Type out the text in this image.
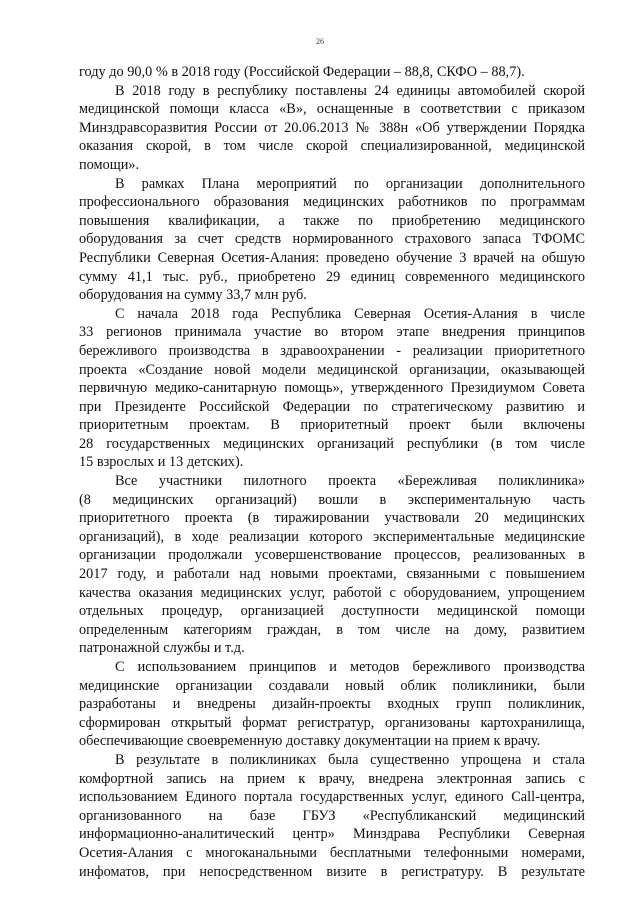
26
году до 90,0 % в 2018 году (Российской Федерации – 88,8, СКФО – 88,7).
В 2018 году в республику поставлены 24 единицы автомобилей скорой
медицинской помощи класса «В», оснащенные в соответствии с приказом
Минздравсоразвития России от 20.06.2013 № 388н «Об утверждении Порядка
оказания скорой, в том числе скорой специализированной, медицинской
помощи».
В рамках Плана мероприятий по организации дополнительного
профессионального образования медицинских работников по программам
повышения квалификации, а также по приобретению медицинского
оборудования за счет средств нормированного страхового запаса ТФОМС
Республики Северная Осетия-Алания: проведено обучение 3 врачей на обшую
сумму 41,1 тыс. руб., приобретено 29 единиц современного медицинского
оборудования на сумму 33,7 млн руб.
С начала 2018 года Республика Северная Осетия-Алания в числе
33 регионов принимала участие во втором этапе внедрения принципов
бережливого производства в здравоохранении - реализации приоритетного
проекта «Создание новой модели медицинской организации, оказывающей
первичную медико-санитарную помощь», утвержденного Президиумом Совета
при Президенте Российской Федерации по стратегическому развитию и
приоритетным проектам. В приоритетный проект были включены
28 государственных медицинских организаций республики (в том числе
15 взрослых и 13 детских).
Все участники пилотного проекта «Бережливая поликлиника»
(8 медицинских организаций) вошли в экспериментальную часть
приоритетного проекта (в тиражировании участвовали 20 медицинских
организаций), в ходе реализации которого экспериментальные медицинские
организации продолжали усовершенствование процессов, реализованных в
2017 году, и работали над новыми проектами, связанными с повышением
качества оказания медицинских услуг, работой с оборудованием, упрощением
отдельных процедур, организацией доступности медицинской помощи
определенным категориям граждан, в том числе на дому, развитием
патронажной службы и т.д.
С использованием принципов и методов бережливого производства
медицинские организации создавали новый облик поликлиники, были
разработаны и внедрены дизайн-проекты входных групп поликлиник,
сформирован открытый формат регистратур, организованы картохранилища,
обеспечивающие своевременную доставку документации на прием к врачу.
В результате в поликлиниках была существенно упрощена и стала
комфортной запись на прием к врачу, внедрена электронная запись с
использованием Единого портала государственных услуг, единого Call-центра,
организованного на базе ГБУЗ «Республиканский медицинский
информационно-аналитический центр» Минздрава Республики Северная
Осетия-Алания с многоканальными бесплатными телефонными номерами,
инфоматов, при непосредственном визите в регистратуру. В результате
